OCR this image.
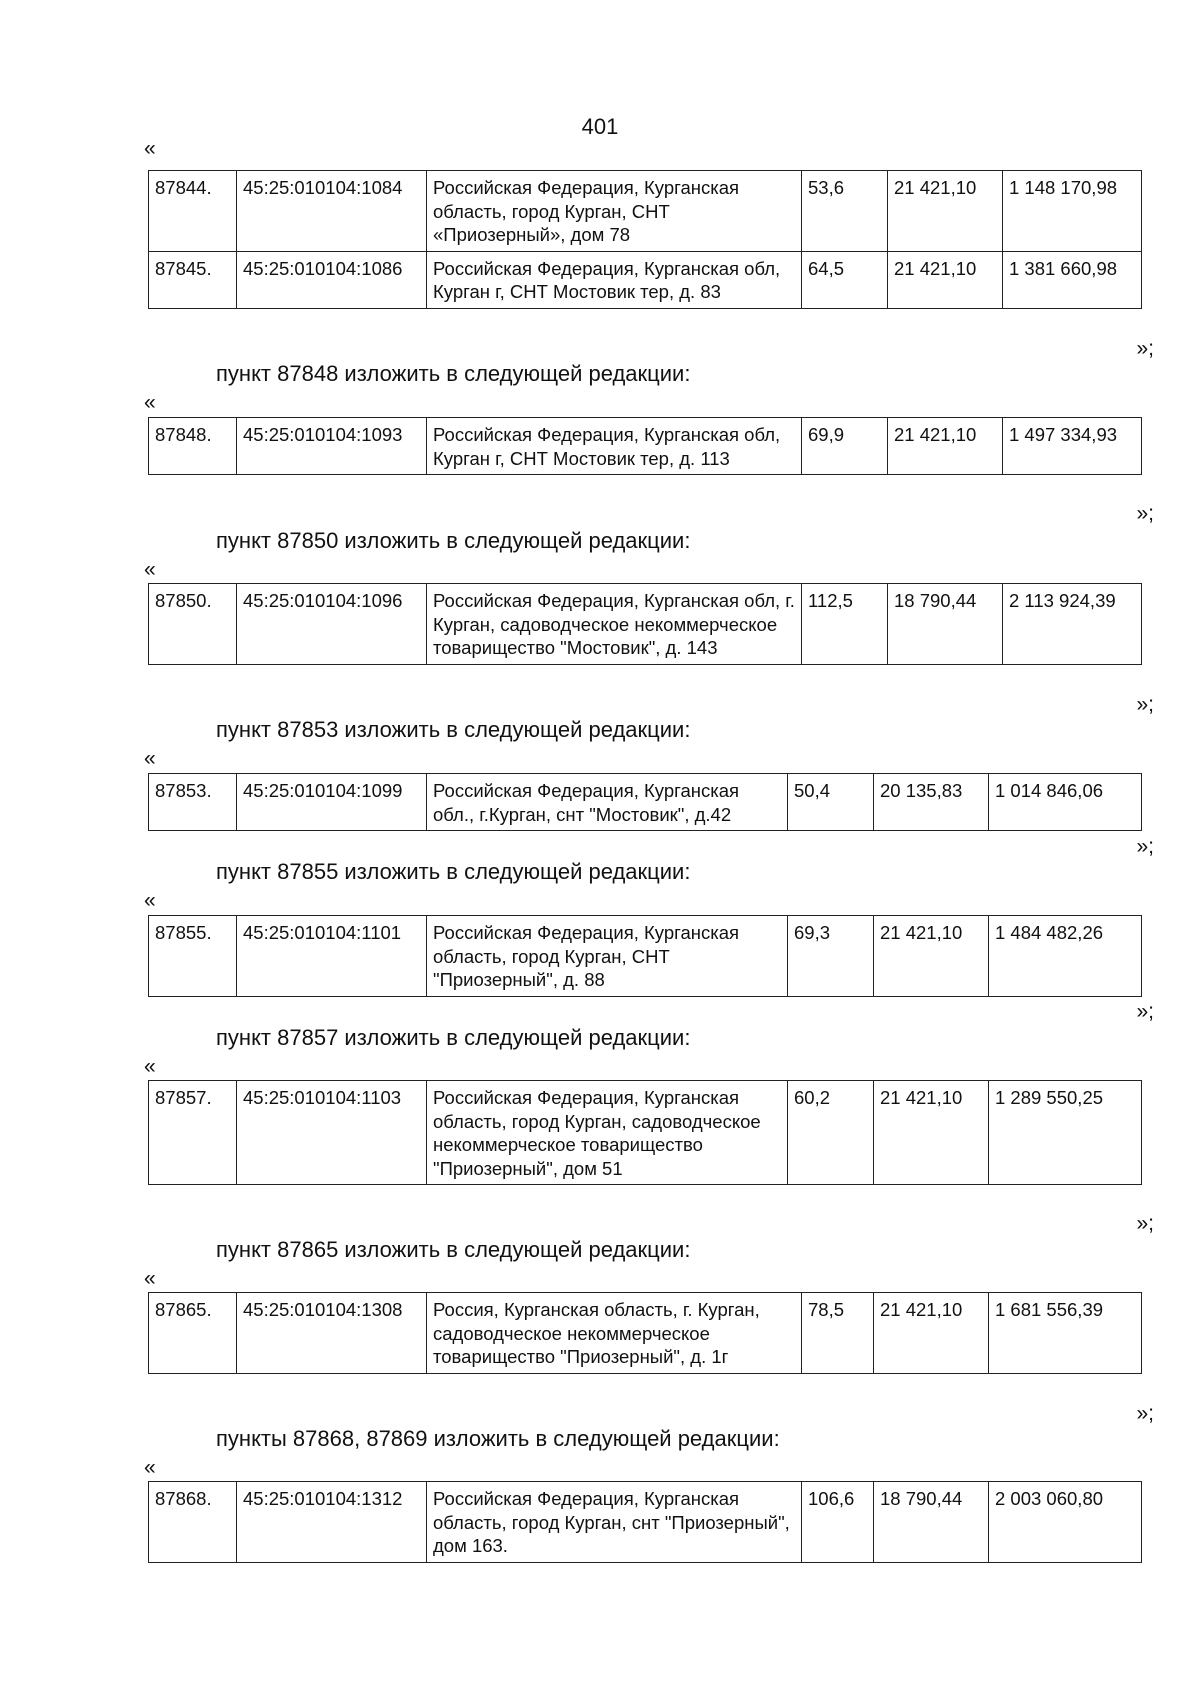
401
«
87844.	45:25:010104:1084	Российская Федерация, Курганская область, город Курган, СНТ «Приозерный», дом 78	53,6	21 421,10	1 148 170,98
87845.	45:25:010104:1086	Российская Федерация, Курганская обл, Курган г, СНТ Мостовик тер, д. 83	64,5	21 421,10	1 381 660,98
»;
пункт 87848 изложить в следующей редакции:
«
87848.	45:25:010104:1093	Российская Федерация, Курганская обл, Курган г, СНТ Мостовик тер, д. 113	69,9	21 421,10	1 497 334,93
»;
пункт 87850 изложить в следующей редакции:
«
87850.	45:25:010104:1096	Российская Федерация, Курганская обл, г. Курган, садоводческое некоммерческое товарищество "Мостовик", д. 143	112,5	18 790,44	2 113 924,39
»;
пункт 87853 изложить в следующей редакции:
«
87853.	45:25:010104:1099	Российская Федерация, Курганская обл., г.Курган, снт "Мостовик", д.42	50,4	20 135,83	1 014 846,06
»;
пункт 87855 изложить в следующей редакции:
«
87855.	45:25:010104:1101	Российская Федерация, Курганская область, город Курган, СНТ "Приозерный", д. 88	69,3	21 421,10	1 484 482,26
»;
пункт 87857 изложить в следующей редакции:
«
87857.	45:25:010104:1103	Российская Федерация, Курганская область, город Курган, садоводческое некоммерческое товарищество "Приозерный", дом 51	60,2	21 421,10	1 289 550,25
»;
пункт 87865 изложить в следующей редакции:
«
87865.	45:25:010104:1308	Россия, Курганская область, г. Курган, садоводческое некоммерческое товарищество "Приозерный", д. 1г	78,5	21 421,10	1 681 556,39
»;
пункты 87868, 87869 изложить в следующей редакции:
«
87868.	45:25:010104:1312	Российская Федерация, Курганская область, город Курган, снт "Приозерный", дом 163.	106,6	18 790,44	2 003 060,80
